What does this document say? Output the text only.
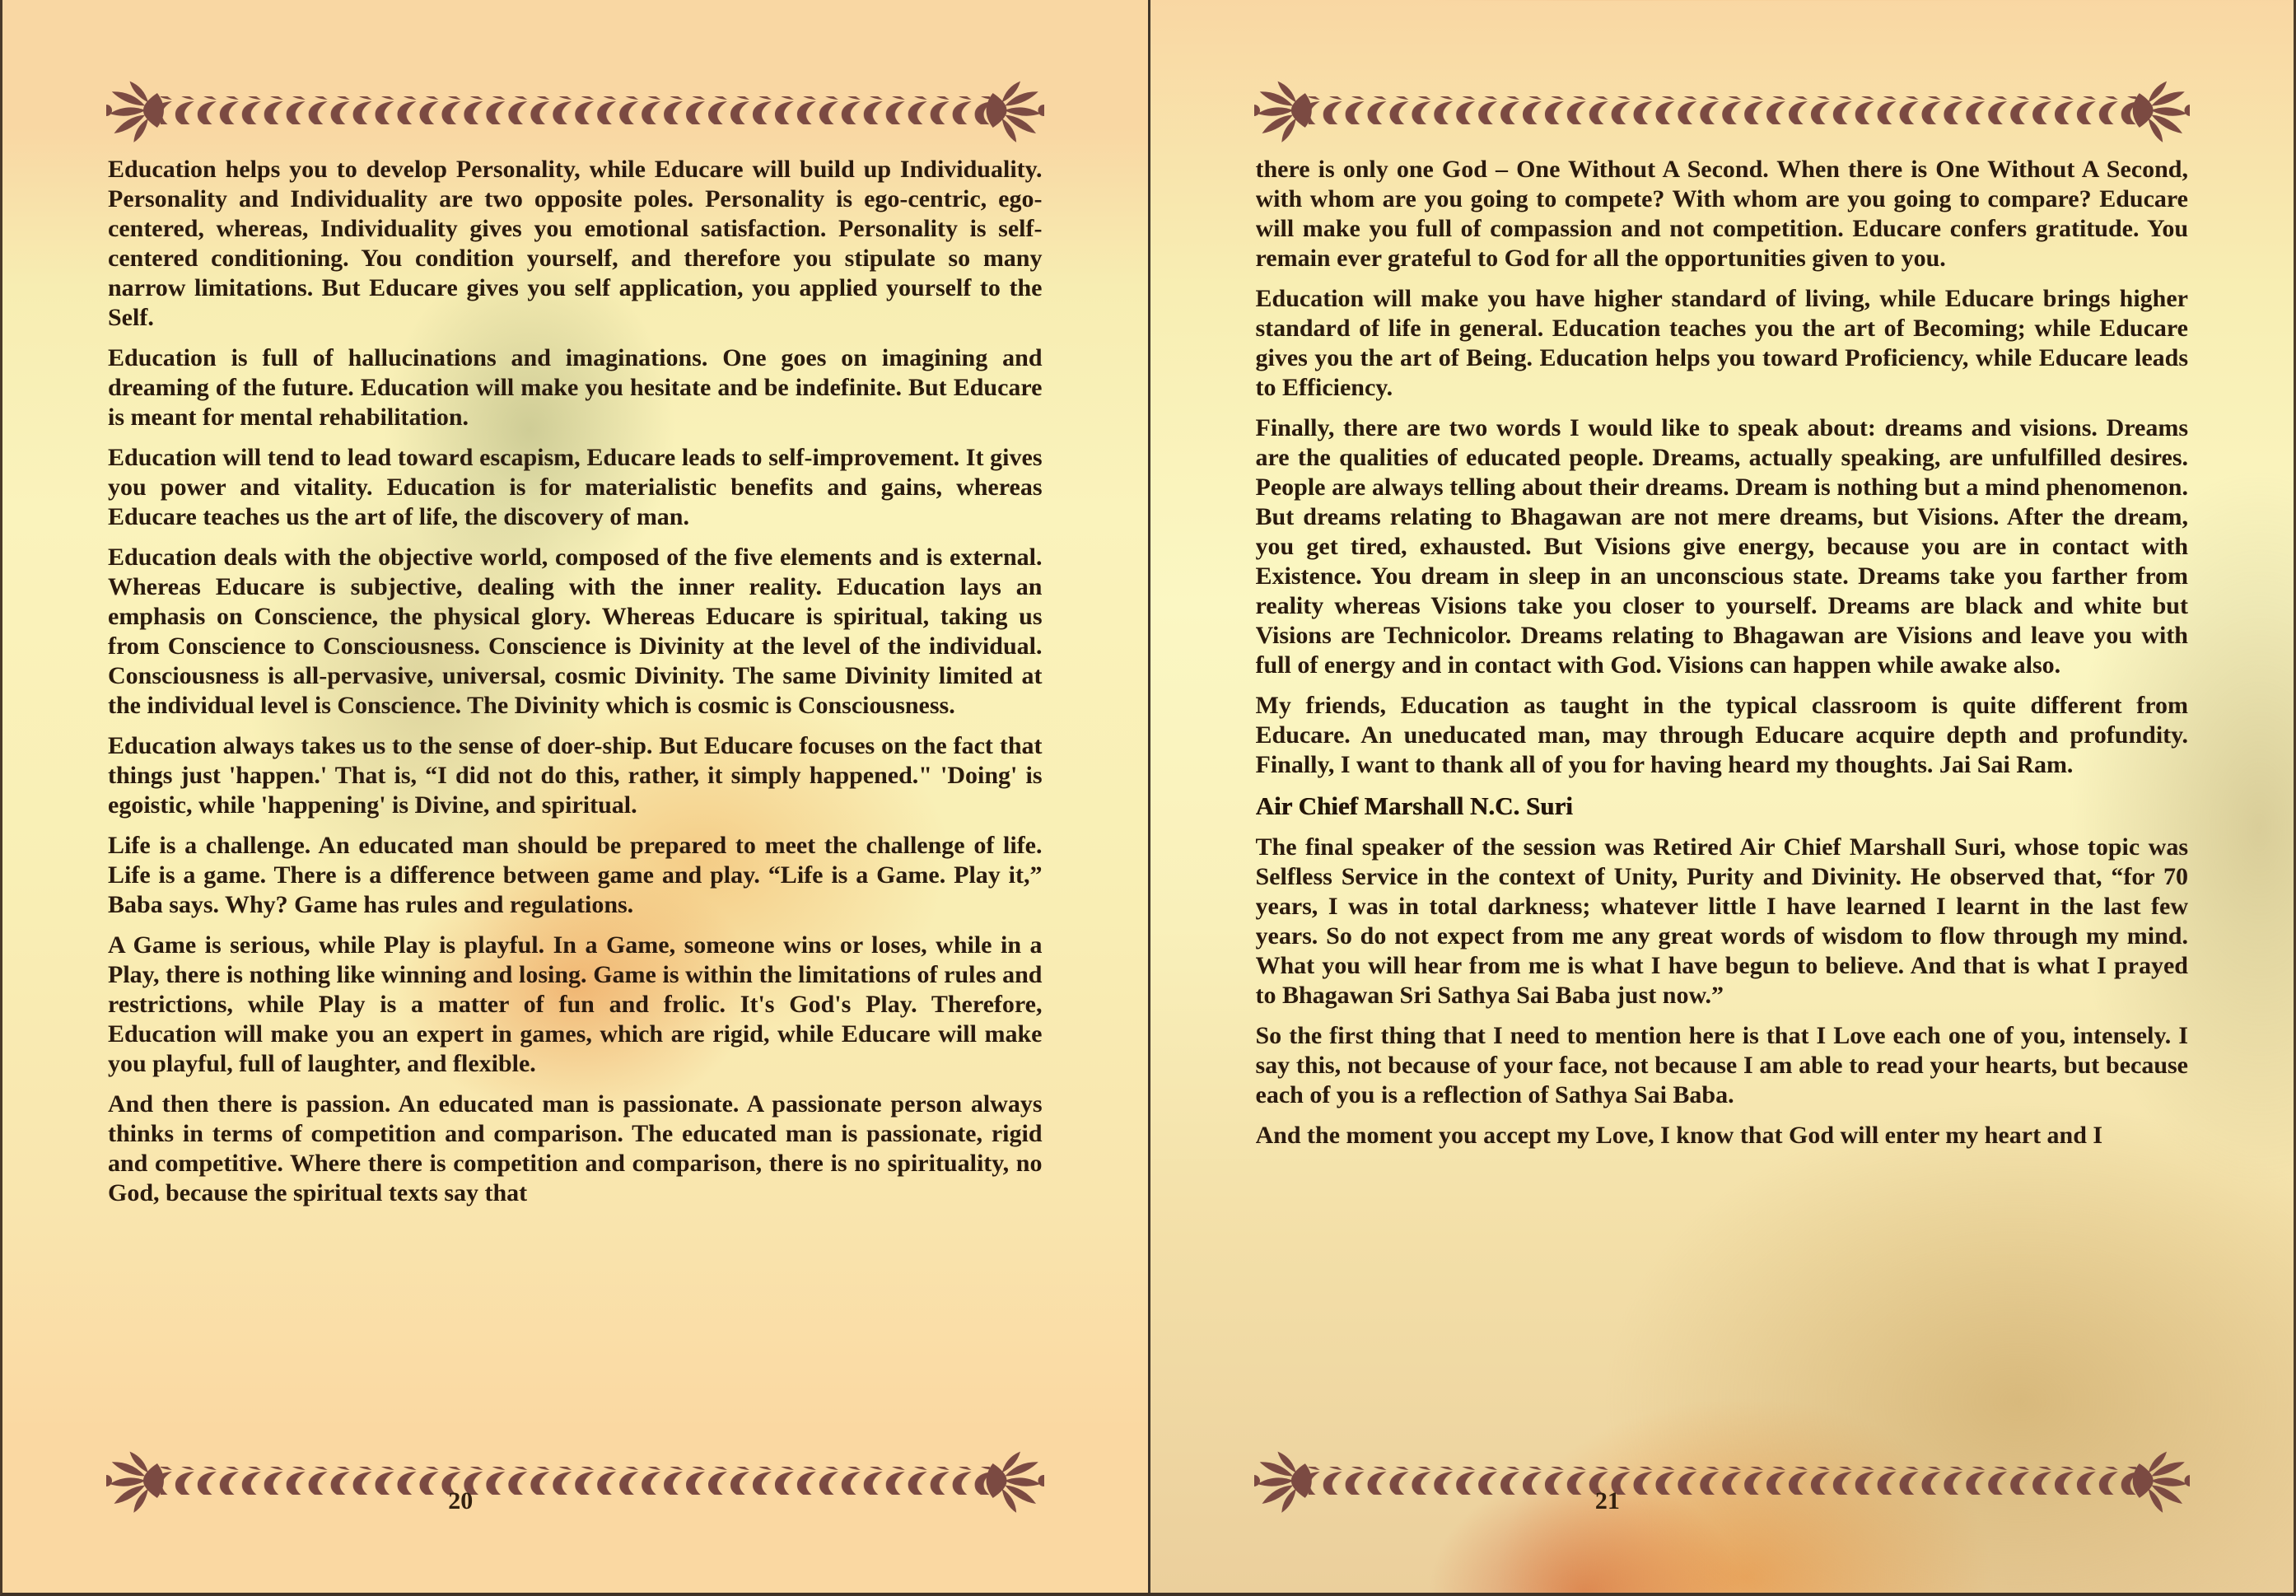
Education helps you to develop Personality, while Educare will build up Individuality. Personality and Individuality are two opposite poles. Personality is ego-centric, ego-centered, whereas, Individuality gives you emotional satisfaction. Personality is self-centered conditioning. You condition yourself, and therefore you stipulate so many narrow limitations. But Educare gives you self application, you applied yourself to the Self.

Education is full of hallucinations and imaginations. One goes on imagining and dreaming of the future. Education will make you hesitate and be indefinite. But Educare is meant for mental rehabilitation.

Education will tend to lead toward escapism, Educare leads to self-improvement. It gives you power and vitality. Education is for materialistic benefits and gains, whereas Educare teaches us the art of life, the discovery of man.

Education deals with the objective world, composed of the five elements and is external. Whereas Educare is subjective, dealing with the inner reality. Education lays an emphasis on Conscience, the physical glory. Whereas Educare is spiritual, taking us from Conscience to Consciousness. Conscience is Divinity at the level of the individual. Consciousness is all-pervasive, universal, cosmic Divinity. The same Divinity limited at the individual level is Conscience. The Divinity which is cosmic is Consciousness.

Education always takes us to the sense of doer-ship. But Educare focuses on the fact that things just 'happen.' That is, “I did not do this, rather, it simply happened." 'Doing' is egoistic, while 'happening' is Divine, and spiritual.

Life is a challenge. An educated man should be prepared to meet the challenge of life. Life is a game. There is a difference between game and play. “Life is a Game. Play it,” Baba says. Why? Game has rules and regulations.

A Game is serious, while Play is playful. In a Game, someone wins or loses, while in a Play, there is nothing like winning and losing. Game is within the limitations of rules and restrictions, while Play is a matter of fun and frolic. It's God's Play. Therefore, Education will make you an expert in games, which are rigid, while Educare will make you playful, full of laughter, and flexible.

And then there is passion. An educated man is passionate. A passionate person always thinks in terms of competition and comparison. The educated man is passionate, rigid and competitive. Where there is competition and comparison, there is no spirituality, no God, because the spiritual texts say that

20

there is only one God – One Without A Second. When there is One Without A Second, with whom are you going to compete? With whom are you going to compare? Educare will make you full of compassion and not competition. Educare confers gratitude. You remain ever grateful to God for all the opportunities given to you.

Education will make you have higher standard of living, while Educare brings higher standard of life in general. Education teaches you the art of Becoming; while Educare gives you the art of Being. Education helps you toward Proficiency, while Educare leads to Efficiency.

Finally, there are two words I would like to speak about: dreams and visions. Dreams are the qualities of educated people. Dreams, actually speaking, are unfulfilled desires. People are always telling about their dreams. Dream is nothing but a mind phenomenon. But dreams relating to Bhagawan are not mere dreams, but Visions. After the dream, you get tired, exhausted. But Visions give energy, because you are in contact with Existence. You dream in sleep in an unconscious state. Dreams take you farther from reality whereas Visions take you closer to yourself. Dreams are black and white but Visions are Technicolor. Dreams relating to Bhagawan are Visions and leave you with full of energy and in contact with God. Visions can happen while awake also.

My friends, Education as taught in the typical classroom is quite different from Educare. An uneducated man, may through Educare acquire depth and profundity. Finally, I want to thank all of you for having heard my thoughts. Jai Sai Ram.

Air Chief Marshall N.C. Suri

The final speaker of the session was Retired Air Chief Marshall Suri, whose topic was Selfless Service in the context of Unity, Purity and Divinity. He observed that, “for 70 years, I was in total darkness; whatever little I have learned I learnt in the last few years. So do not expect from me any great words of wisdom to flow through my mind. What you will hear from me is what I have begun to believe. And that is what I prayed to Bhagawan Sri Sathya Sai Baba just now.”

So the first thing that I need to mention here is that I Love each one of you, intensely. I say this, not because of your face, not because I am able to read your hearts, but because each of you is a reflection of Sathya Sai Baba.

And the moment you accept my Love, I know that God will enter my heart and I

21
